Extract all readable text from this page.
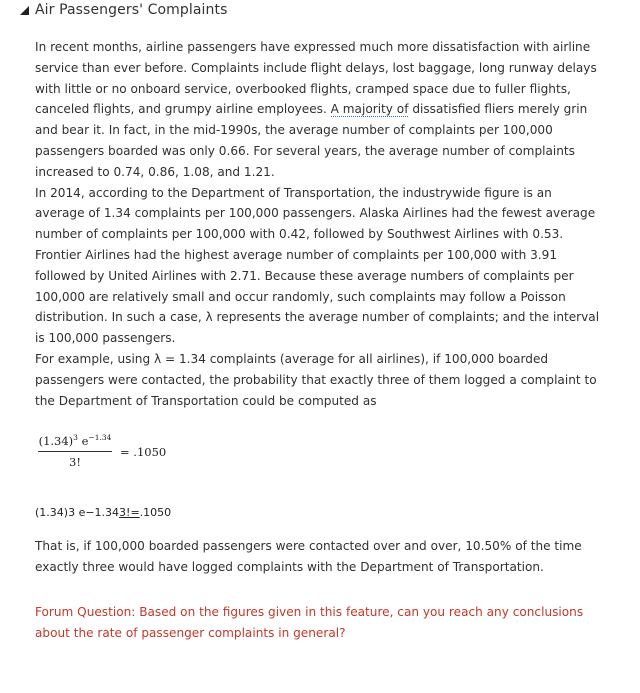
Air Passengers' Complaints

In recent months, airline passengers have expressed much more dissatisfaction with airline service than ever before. Complaints include flight delays, lost baggage, long runway delays with little or no onboard service, overbooked flights, cramped space due to fuller flights, canceled flights, and grumpy airline employees. A majority of dissatisfied fliers merely grin and bear it. In fact, in the mid-1990s, the average number of complaints per 100,000 passengers boarded was only 0.66. For several years, the average number of complaints increased to 0.74, 0.86, 1.08, and 1.21.

In 2014, according to the Department of Transportation, the industrywide figure is an average of 1.34 complaints per 100,000 passengers. Alaska Airlines had the fewest average number of complaints per 100,000 with 0.42, followed by Southwest Airlines with 0.53. Frontier Airlines had the highest average number of complaints per 100,000 with 3.91 followed by United Airlines with 2.71. Because these average numbers of complaints per 100,000 are relatively small and occur randomly, such complaints may follow a Poisson distribution. In such a case, λ represents the average number of complaints; and the interval is 100,000 passengers.

For example, using λ = 1.34 complaints (average for all airlines), if 100,000 boarded passengers were contacted, the probability that exactly three of them logged a complaint to the Department of Transportation could be computed as

$\frac{(1.34)^3 e^{-1.34}}{3!} = .1050$

(1.34)3 e−1.343!=.1050

That is, if 100,000 boarded passengers were contacted over and over, 10.50% of the time exactly three would have logged complaints with the Department of Transportation.

Forum Question: Based on the figures given in this feature, can you reach any conclusions about the rate of passenger complaints in general?
